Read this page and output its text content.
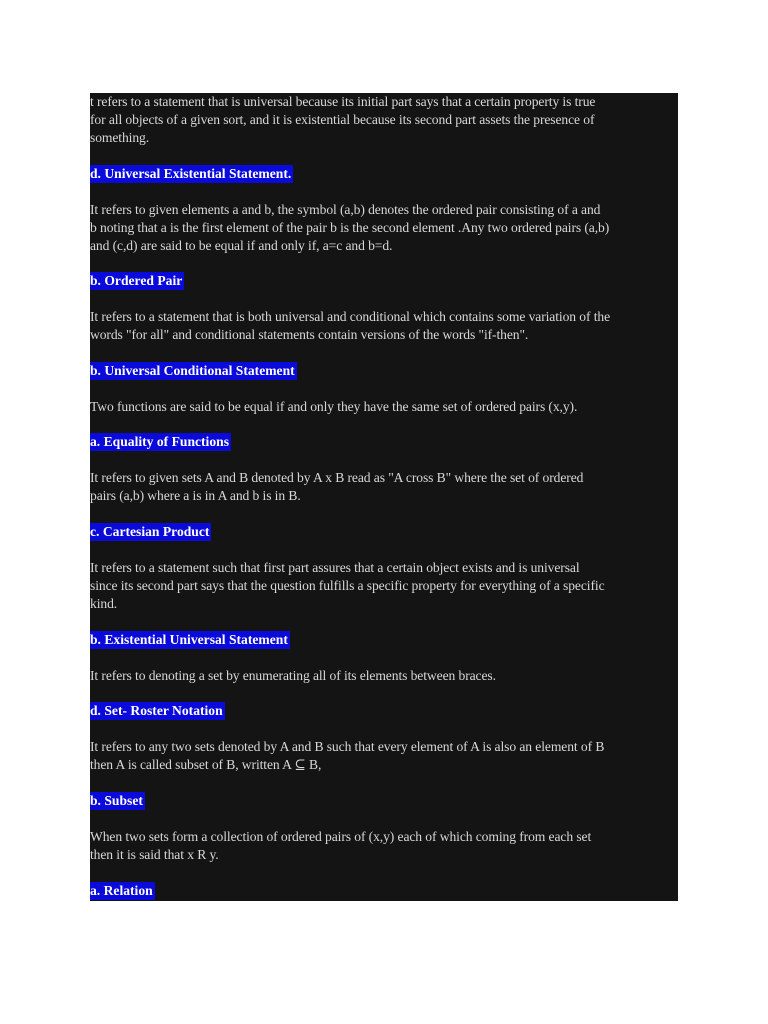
t refers to a statement that is universal because its initial part says that a certain property is true
for all objects of a given sort, and it is existential because its second part assets the presence of
something.
d. Universal Existential Statement.
It refers to given elements a and b, the symbol (a,b) denotes the ordered pair consisting of a and
b noting that a is the first element of the pair b is the second element .Any two ordered pairs (a,b)
and (c,d) are said to be equal if and only if, a=c and b=d.
b. Ordered Pair
It refers to a statement that is both universal and conditional which contains some variation of the
words "for all" and conditional statements contain versions of the words "if-then".
b. Universal Conditional Statement
Two functions are said to be equal if and only they have the same set of ordered pairs (x,y).
a. Equality of Functions
It refers to given sets A and B denoted by A x B read as "A cross B" where the set of ordered
pairs (a,b) where a is in A and b is in B.
c. Cartesian Product
It refers to a statement such that first part assures that a certain object exists and is universal
since its second part says that the question fulfills a specific property for everything of a specific
kind.
b. Existential Universal Statement
It refers to denoting a set by enumerating all of its elements between braces.
d. Set- Roster Notation
It refers to any two sets denoted by A and B such that every element of A is also an element of B
then A is called subset of B, written A ⊆ B,
b. Subset
When two sets form a collection of ordered pairs of (x,y) each of which coming from each set
then it is said that x R y.
a. Relation
